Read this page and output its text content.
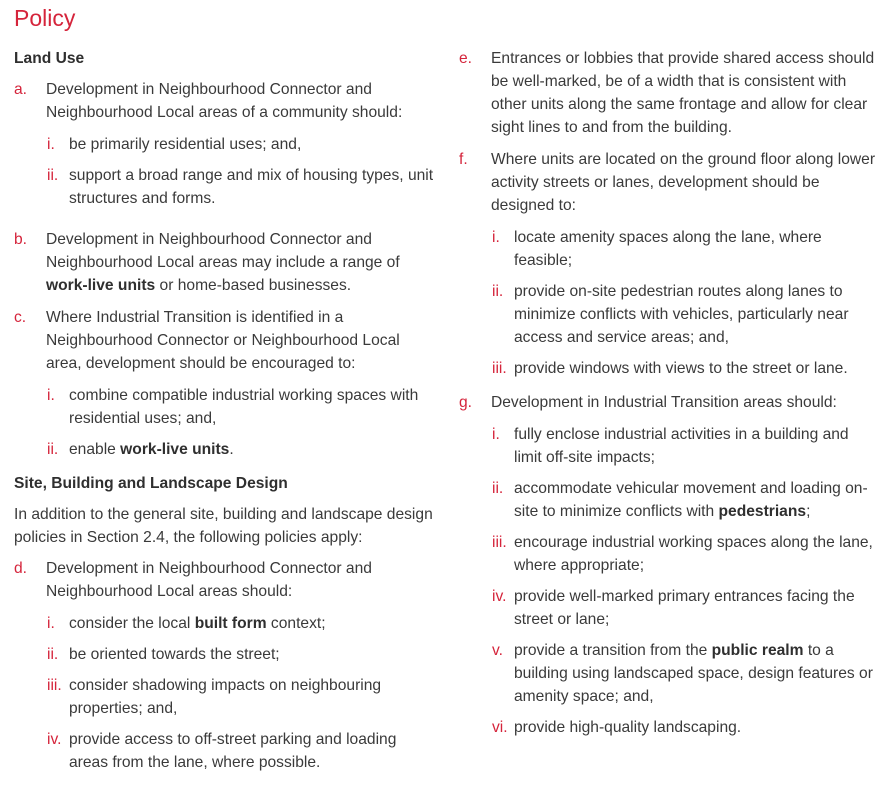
Policy
Land Use
a. Development in Neighbourhood Connector and Neighbourhood Local areas of a community should:
i. be primarily residential uses; and,
ii. support a broad range and mix of housing types, unit structures and forms.
b. Development in Neighbourhood Connector and Neighbourhood Local areas may include a range of work-live units or home-based businesses.
c. Where Industrial Transition is identified in a Neighbourhood Connector or Neighbourhood Local area, development should be encouraged to:
i. combine compatible industrial working spaces with residential uses; and,
ii. enable work-live units.
Site, Building and Landscape Design
In addition to the general site, building and landscape design policies in Section 2.4, the following policies apply:
d. Development in Neighbourhood Connector and Neighbourhood Local areas should:
i. consider the local built form context;
ii. be oriented towards the street;
iii. consider shadowing impacts on neighbouring properties; and,
iv. provide access to off-street parking and loading areas from the lane, where possible.
e. Entrances or lobbies that provide shared access should be well-marked, be of a width that is consistent with other units along the same frontage and allow for clear sight lines to and from the building.
f. Where units are located on the ground floor along lower activity streets or lanes, development should be designed to:
i. locate amenity spaces along the lane, where feasible;
ii. provide on-site pedestrian routes along lanes to minimize conflicts with vehicles, particularly near access and service areas; and,
iii. provide windows with views to the street or lane.
g. Development in Industrial Transition areas should:
i. fully enclose industrial activities in a building and limit off-site impacts;
ii. accommodate vehicular movement and loading on-site to minimize conflicts with pedestrians;
iii. encourage industrial working spaces along the lane, where appropriate;
iv. provide well-marked primary entrances facing the street or lane;
v. provide a transition from the public realm to a building using landscaped space, design features or amenity space; and,
vi. provide high-quality landscaping.
